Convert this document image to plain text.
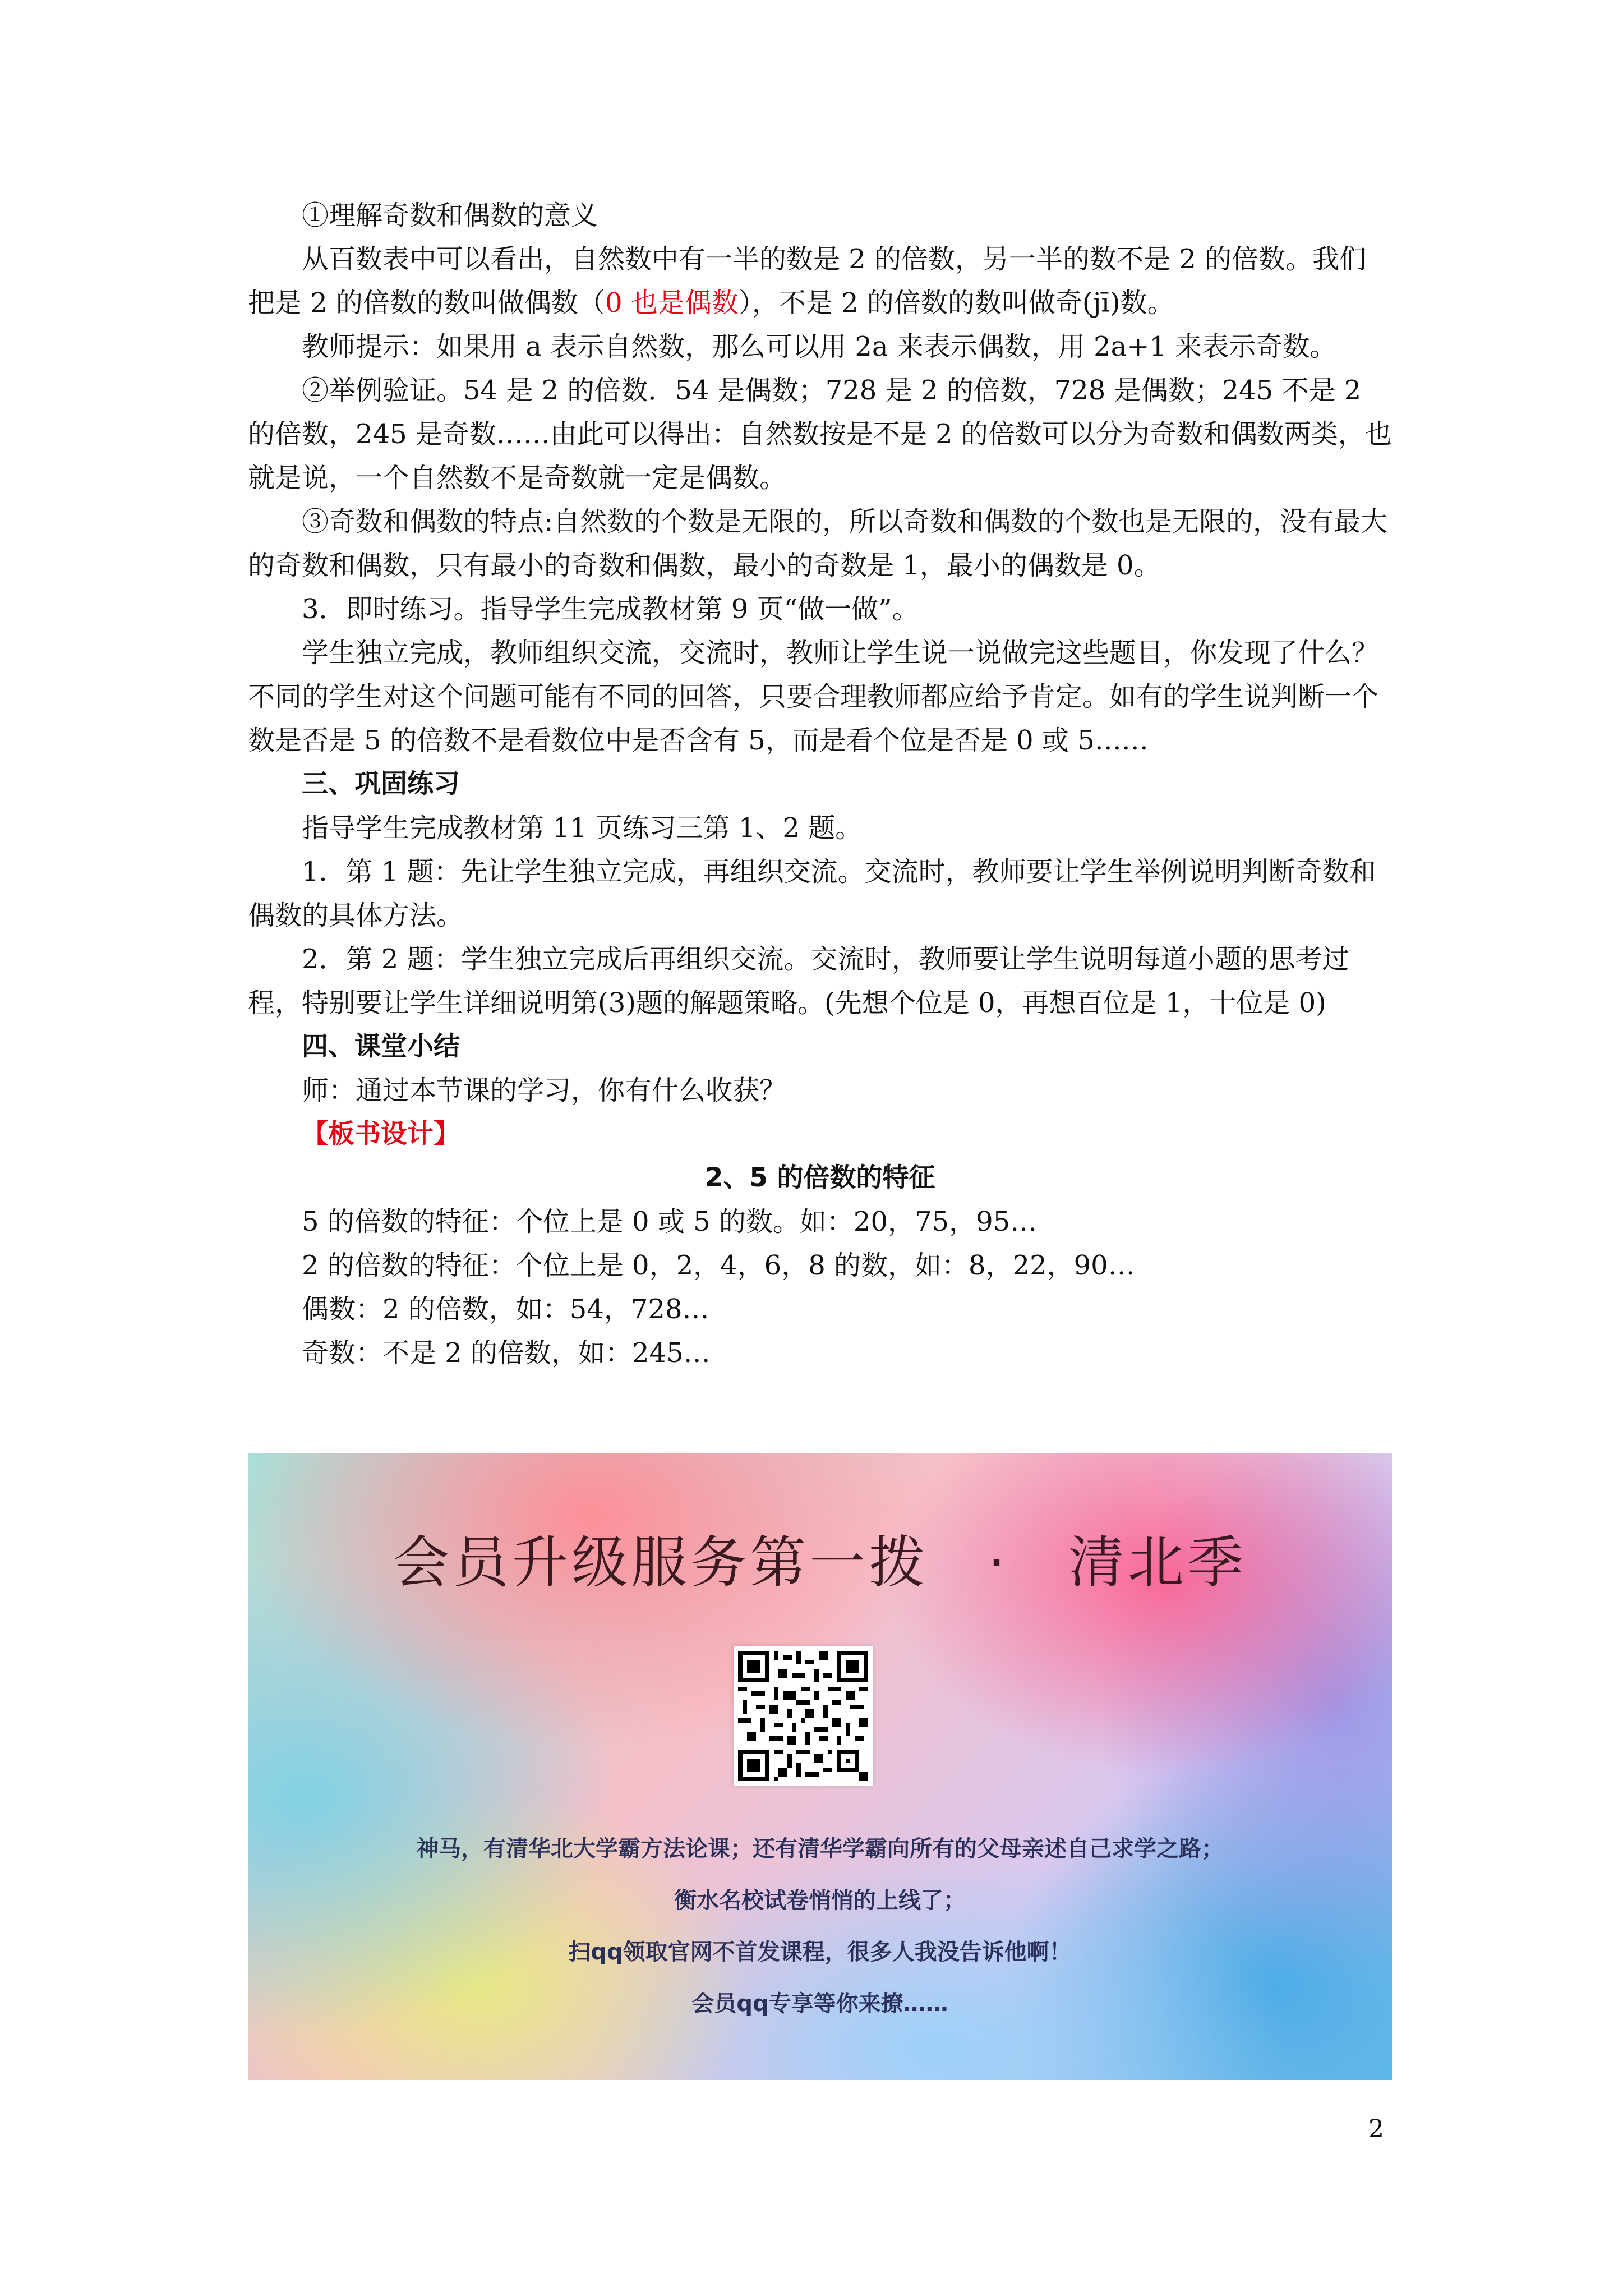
①理解奇数和偶数的意义

从百数表中可以看出，自然数中有一半的数是 2 的倍数，另一半的数不是 2 的倍数。我们把是 2 的倍数的数叫做偶数（0 也是偶数），不是 2 的倍数的数叫做奇(jī)数。

教师提示：如果用 a 表示自然数，那么可以用 2a 来表示偶数，用 2a+1 来表示奇数。

②举例验证。54 是 2 的倍数．54 是偶数；728 是 2 的倍数，728 是偶数；245 不是 2 的倍数，245 是奇数……由此可以得出：自然数按是不是 2 的倍数可以分为奇数和偶数两类，也就是说，一个自然数不是奇数就一定是偶数。

③奇数和偶数的特点:自然数的个数是无限的，所以奇数和偶数的个数也是无限的，没有最大的奇数和偶数，只有最小的奇数和偶数，最小的奇数是 1，最小的偶数是 0。

3．即时练习。指导学生完成教材第 9 页“做一做”。

学生独立完成，教师组织交流，交流时，教师让学生说一说做完这些题目，你发现了什么？不同的学生对这个问题可能有不同的回答，只要合理教师都应给予肯定。如有的学生说判断一个数是否是 5 的倍数不是看数位中是否含有 5，而是看个位是否是 0 或 5……

三、巩固练习

指导学生完成教材第 11 页练习三第 1、2 题。

1．第 1 题：先让学生独立完成，再组织交流。交流时，教师要让学生举例说明判断奇数和偶数的具体方法。

2．第 2 题：学生独立完成后再组织交流。交流时，教师要让学生说明每道小题的思考过程，特别要让学生详细说明第(3)题的解题策略。(先想个位是 0，再想百位是 1，十位是 0)

四、课堂小结

师：通过本节课的学习，你有什么收获？

【板书设计】

2、5 的倍数的特征

5 的倍数的特征：个位上是 0 或 5 的数。如：20，75，95…

2 的倍数的特征：个位上是 0，2，4，6，8 的数，如：8，22，90…

偶数：2 的倍数，如：54，728…

奇数：不是 2 的倍数，如：245…

会员升级服务第一拨　·　清北季
神马，有清华北大学霸方法论课；还有清华学霸向所有的父母亲述自己求学之路；
衡水名校试卷悄悄的上线了；
扫qq领取官网不首发课程，很多人我没告诉他啊！
会员qq专享等你来撩……
2
